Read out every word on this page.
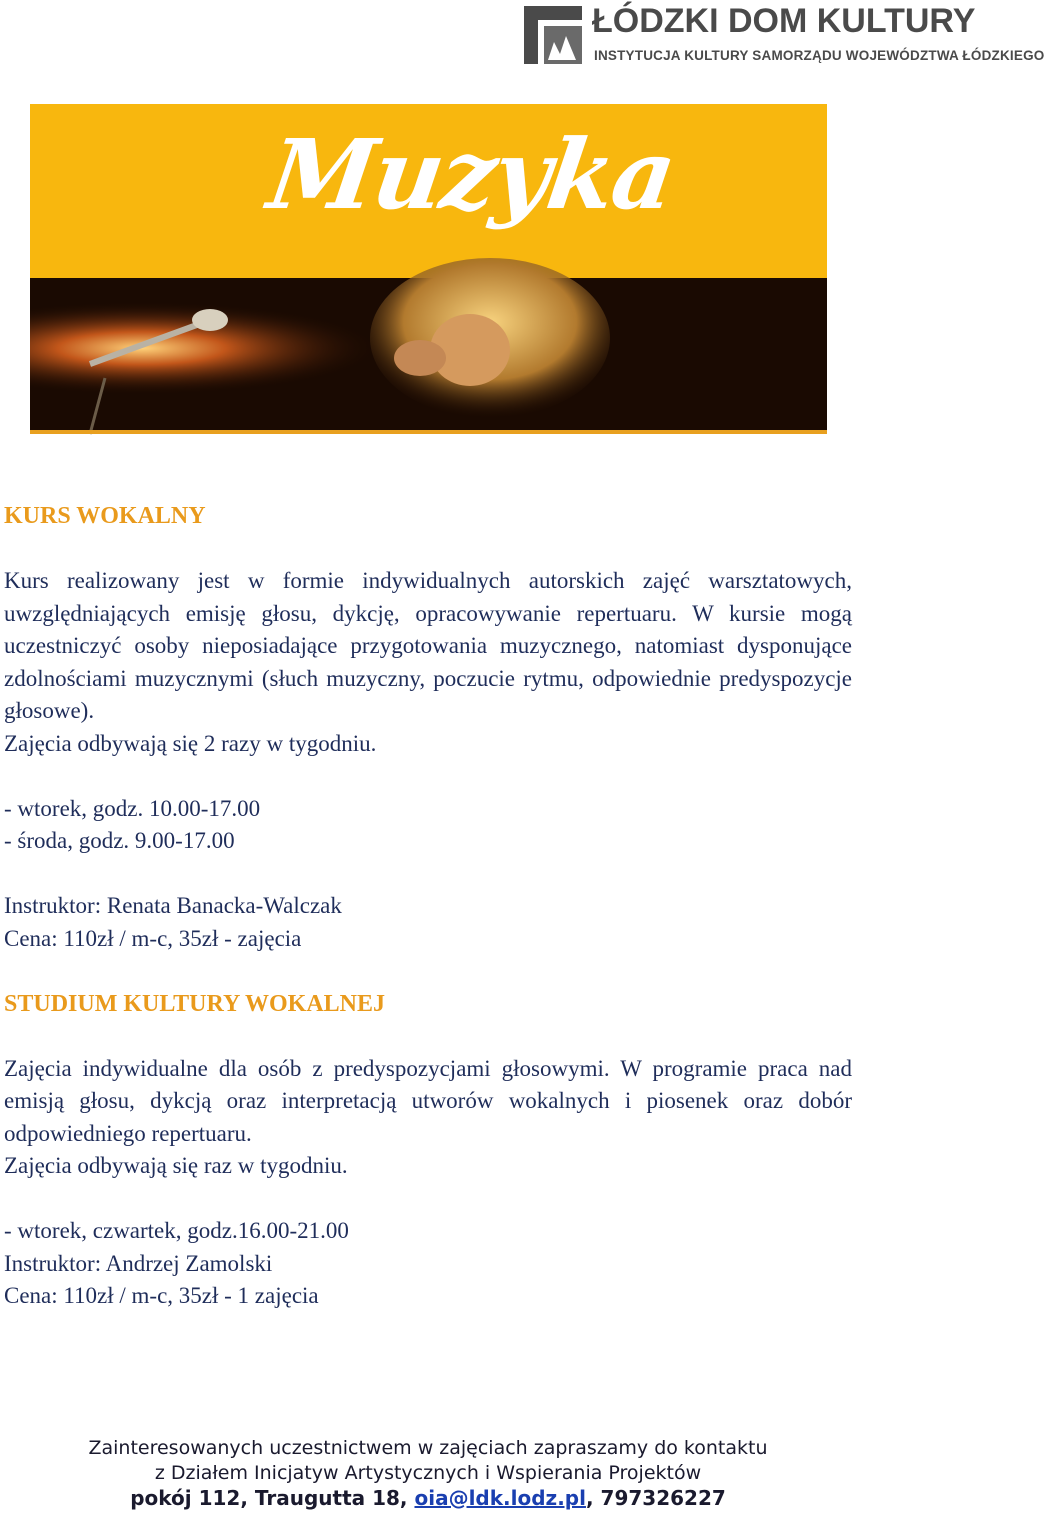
ŁÓDZKI DOM KULTURY
INSTYTUCJA KULTURY SAMORZĄDU WOJEWÓDZTWA ŁÓDZKIEGO
Muzyka

KURS WOKALNY

Kurs realizowany jest w formie indywidualnych autorskich zajęć warsztatowych, uwzględniających emisję głosu, dykcję, opracowywanie repertuaru. W kursie mogą uczestniczyć osoby nieposiadające przygotowania muzycznego, natomiast dysponujące zdolnościami muzycznymi (słuch muzyczny, poczucie rytmu, odpowiednie predyspozycje głosowe).

Zajęcia odbywają się 2 razy w tygodniu.

- wtorek, godz. 10.00-17.00

- środa, godz. 9.00-17.00

Instruktor: Renata Banacka-Walczak

Cena: 110zł / m-c, 35zł - zajęcia

STUDIUM KULTURY WOKALNEJ

Zajęcia indywidualne dla osób z predyspozycjami głosowymi. W programie praca nad emisją głosu, dykcją oraz interpretacją utworów wokalnych i piosenek oraz dobór odpowiedniego repertuaru.

Zajęcia odbywają się raz w tygodniu.

- wtorek, czwartek, godz.16.00-21.00

Instruktor: Andrzej Zamolski

Cena: 110zł / m-c, 35zł - 1 zajęcia

Zainteresowanych uczestnictwem w zajęciach zapraszamy do kontaktu
z Działem Inicjatyw Artystycznych i Wspierania Projektów
pokój 112, Traugutta 18, oia@ldk.lodz.pl, 797326227
